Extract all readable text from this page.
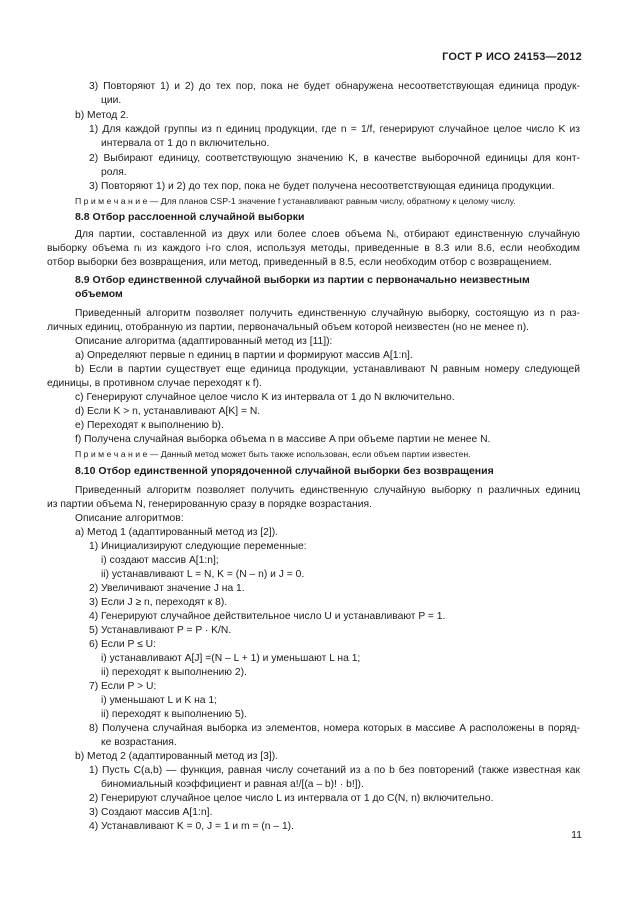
ГОСТ Р ИСО 24153—2012
3) Повторяют 1) и 2) до тех пор, пока не будет обнаружена несоответствующая единица продук-
ции.
b) Метод 2.
1) Для каждой группы из n единиц продукции, где n = 1/f, генерируют случайное целое число K из
интервала от 1 до n включительно.
2) Выбирают единицу, соответствующую значению K, в качестве выборочной единицы для конт-
роля.
3) Повторяют 1) и 2) до тех пор, пока не будет получена несоответствующая единица продукции.
П р и м е ч а н и е — Для планов CSP-1 значение f устанавливают равным числу, обратному к целому числу.
8.8 Отбор расслоенной случайной выборки
Для партии, составленной из двух или более слоев объема Nᵢ, отбирают единственную случайную
выборку объема nᵢ из каждого i-го слоя, используя методы, приведенные в 8.3 или 8.6, если необходим
отбор выборки без возвращения, или метод, приведенный в 8.5, если необходим отбор с возвращением.
8.9 Отбор единственной случайной выборки из партии с первоначально неизвестным
объемом
Приведенный алгоритм позволяет получить единственную случайную выборку, состоящую из n раз-
личных единиц, отобранную из партии, первоначальный объем которой неизвестен (но не менее n).
Описание алгоритма (адаптированный метод из [11]):
a) Определяют первые n единиц в партии и формируют массив A[1:n].
b) Если в партии существует еще единица продукции, устанавливают N равным номеру следующей
единицы, в противном случае переходят к f).
c) Генерируют случайное целое число K из интервала от 1 до N включительно.
d) Если K > n, устанавливают A[K] = N.
e) Переходят к выполнению b).
f) Получена случайная выборка объема n в массиве A при объеме партии не менее N.
П р и м е ч а н и е — Данный метод может быть также использован, если объем партии известен.
8.10 Отбор единственной упорядоченной случайной выборки без возвращения
Приведенный алгоритм позволяет получить единственную случайную выборку n различных единиц
из партии объема N, генерированную сразу в порядке возрастания.
Описание алгоритмов:
a) Метод 1 (адаптированный метод из [2]).
1) Инициализируют следующие переменные:
i) создают массив A[1:n];
ii) устанавливают L = N, K = (N – n) и J = 0.
2) Увеличивают значение J на 1.
3) Если J ≥ n, переходят к 8).
4) Генерируют случайное действительное число U и устанавливают P = 1.
5) Устанавливают P = P · K/N.
6) Если P ≤ U:
i) устанавливают A[J] =(N – L + 1) и уменьшают L на 1;
ii) переходят к выполнению 2).
7) Если P > U:
i) уменьшают L и K на 1;
ii) переходят к выполнению 5).
8) Получена случайная выборка из элементов, номера которых в массиве A расположены в поряд-
ке возрастания.
b) Метод 2 (адаптированный метод из [3]).
1) Пусть C(a,b) — функция, равная числу сочетаний из a по b без повторений (также известная как
биномиальный коэффициент и равная a!/[(a – b)! · b!]).
2) Генерируют случайное целое число L из интервала от 1 до C(N, n) включительно.
3) Создают массив A[1:n].
4) Устанавливают K = 0, J = 1 и m = (n – 1).
11
